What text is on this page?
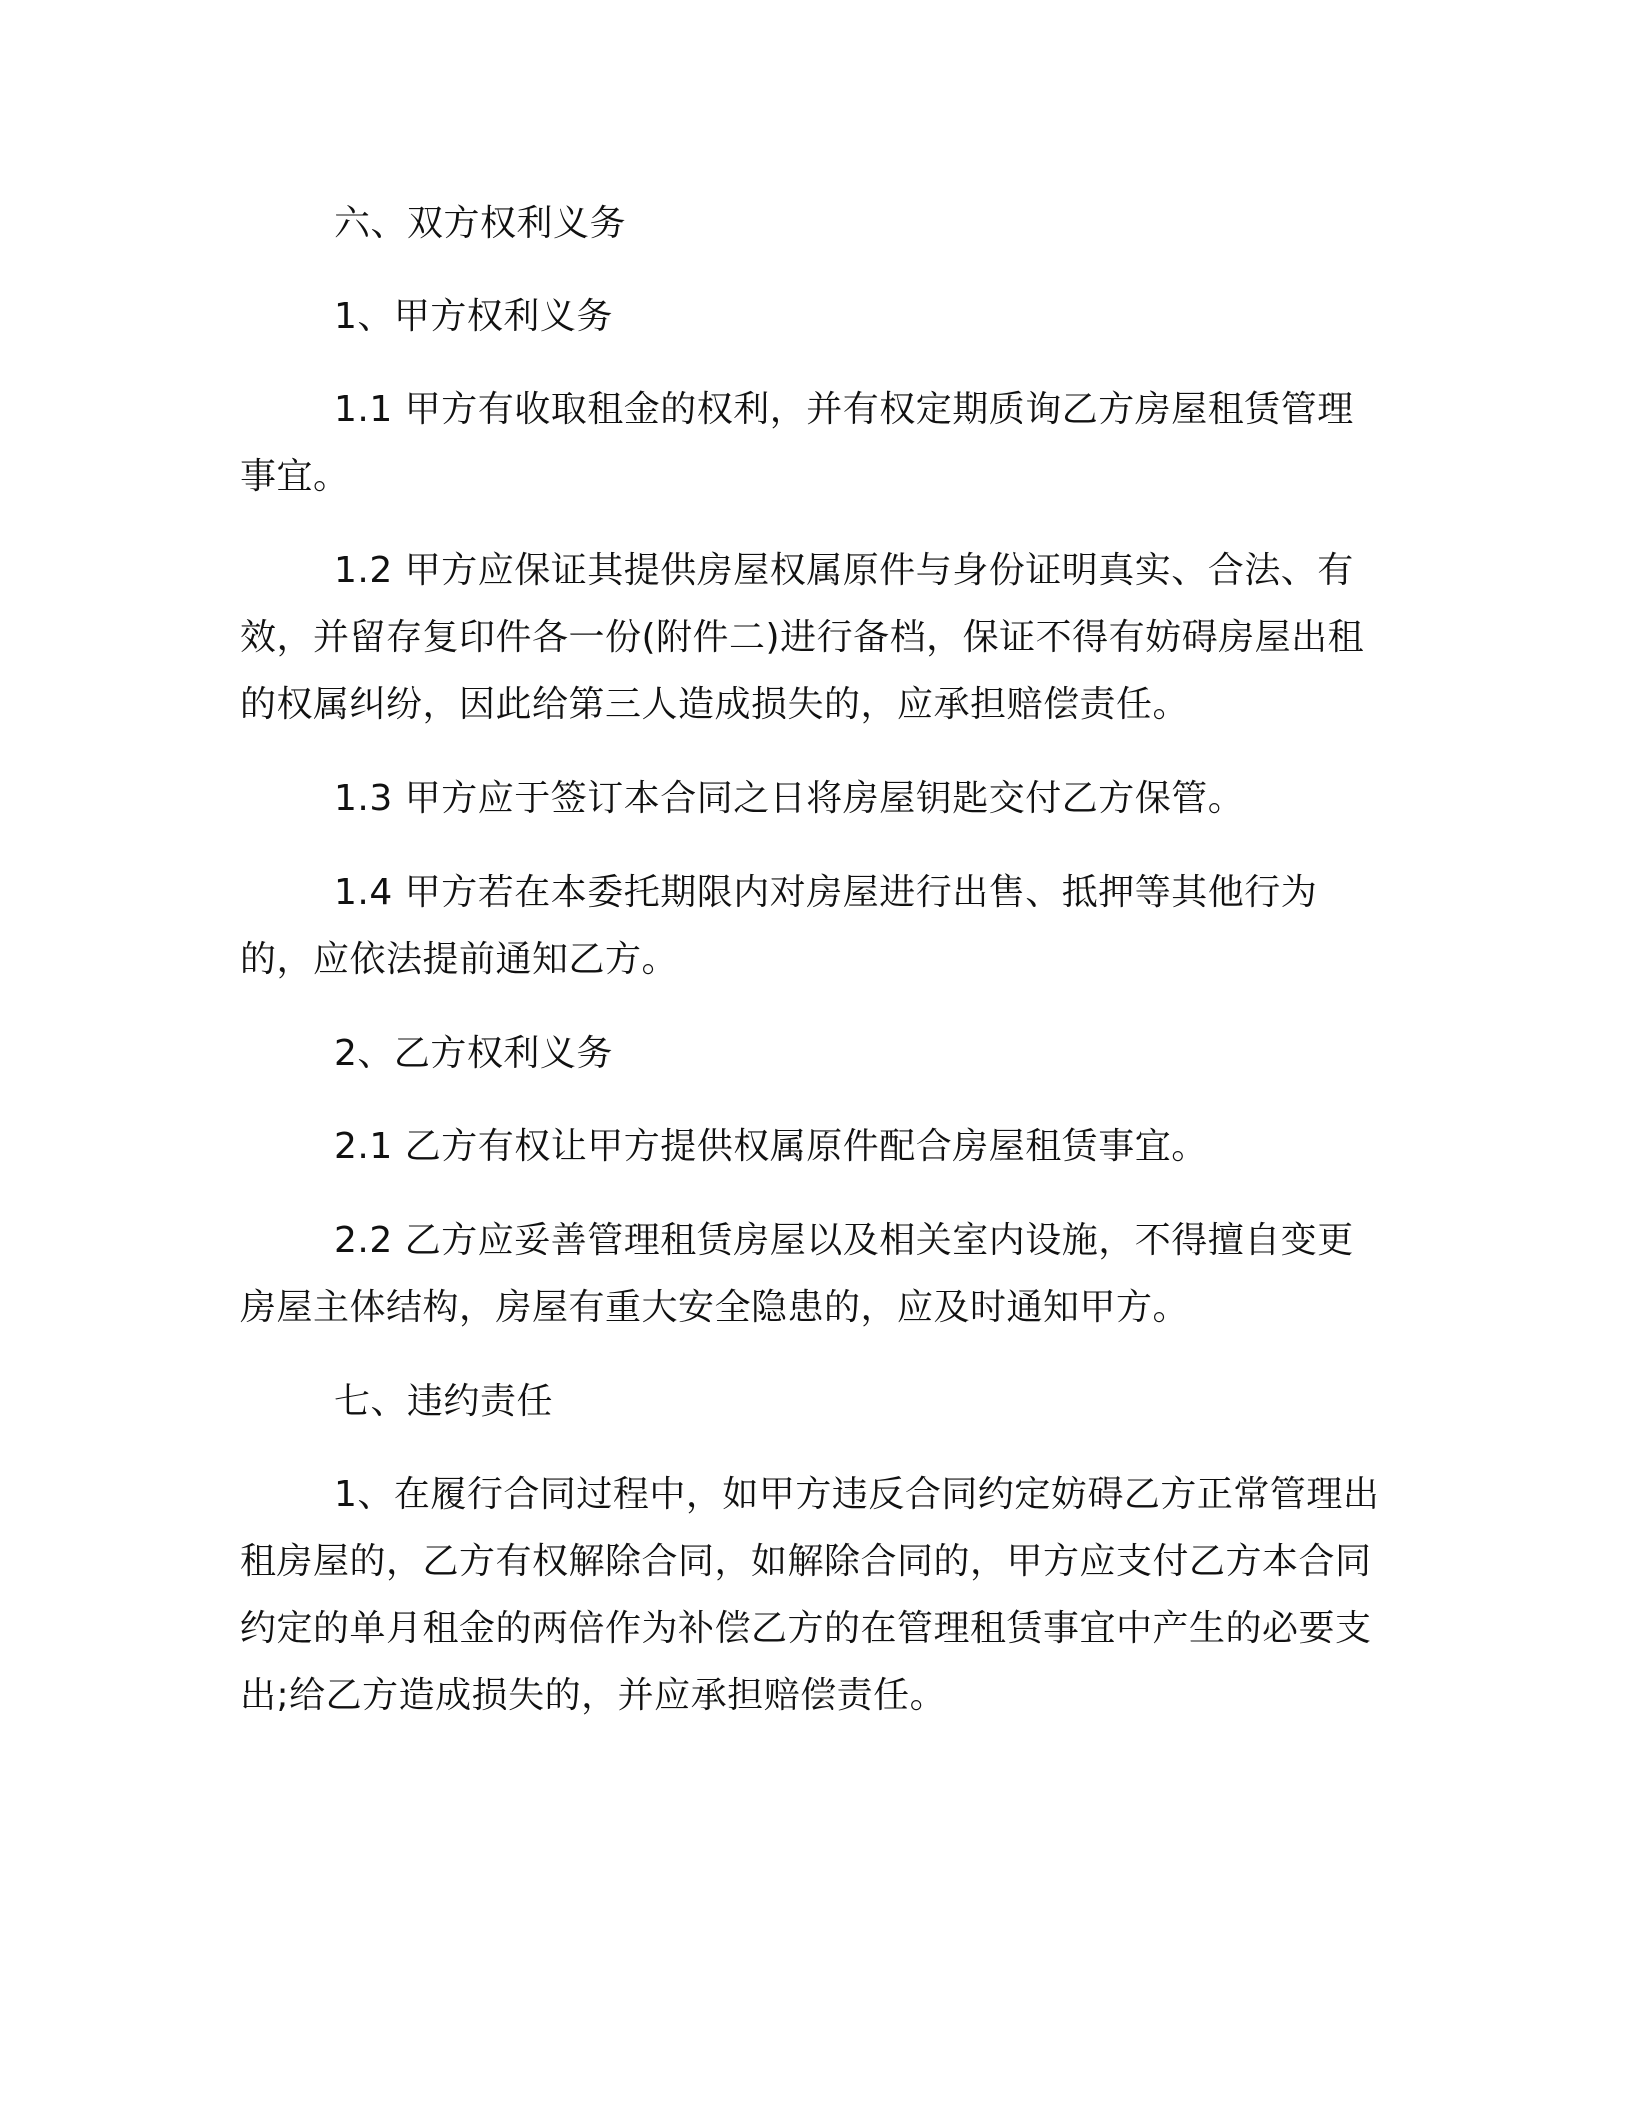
六、双方权利义务

1、甲方权利义务

1.1 甲方有收取租金的权利，并有权定期质询乙方房屋租赁管理事宜。

1.2 甲方应保证其提供房屋权属原件与身份证明真实、合法、有效，并留存复印件各一份(附件二)进行备档，保证不得有妨碍房屋出租的权属纠纷，因此给第三人造成损失的，应承担赔偿责任。

1.3 甲方应于签订本合同之日将房屋钥匙交付乙方保管。

1.4 甲方若在本委托期限内对房屋进行出售、抵押等其他行为的，应依法提前通知乙方。

2、乙方权利义务

2.1 乙方有权让甲方提供权属原件配合房屋租赁事宜。

2.2 乙方应妥善管理租赁房屋以及相关室内设施，不得擅自变更房屋主体结构，房屋有重大安全隐患的，应及时通知甲方。

七、违约责任

1、在履行合同过程中，如甲方违反合同约定妨碍乙方正常管理出租房屋的，乙方有权解除合同，如解除合同的，甲方应支付乙方本合同约定的单月租金的两倍作为补偿乙方的在管理租赁事宜中产生的必要支出;给乙方造成损失的，并应承担赔偿责任。
